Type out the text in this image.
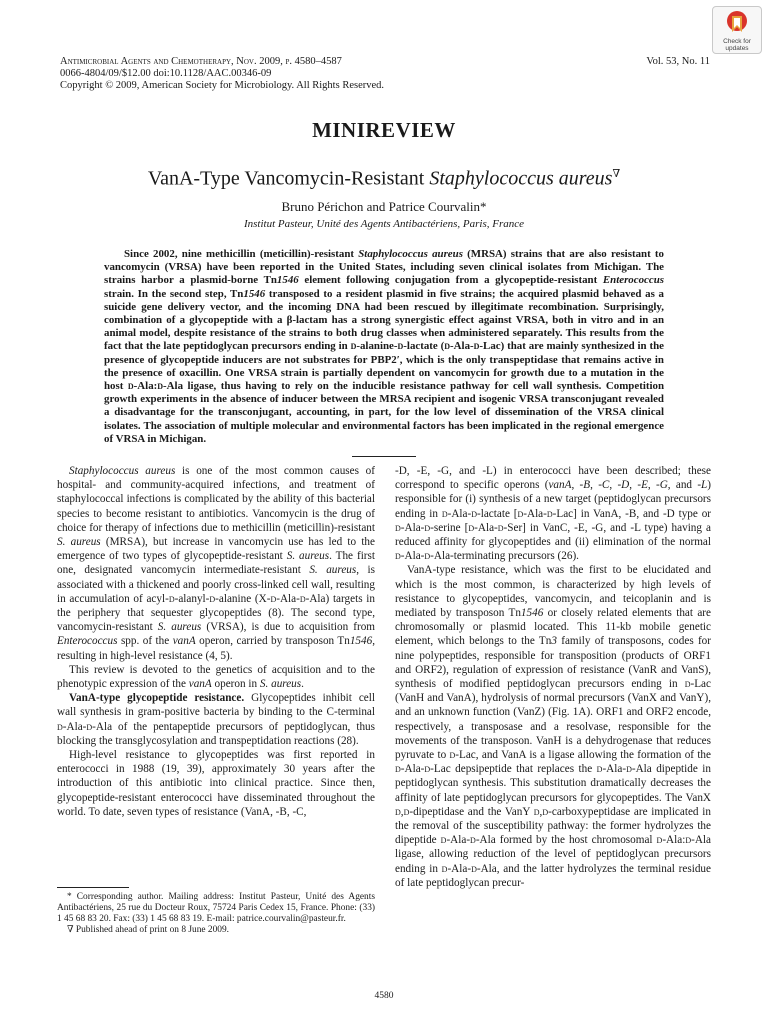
Antimicrobial Agents and Chemotherapy, Nov. 2009, p. 4580–4587
0066-4804/09/$12.00 doi:10.1128/AAC.00346-09
Copyright © 2009, American Society for Microbiology. All Rights Reserved.
Vol. 53, No. 11
Check for
updates
MINIREVIEW
VanA-Type Vancomycin-Resistant Staphylococcus aureus∇
Bruno Périchon and Patrice Courvalin*
Institut Pasteur, Unité des Agents Antibactériens, Paris, France
Since 2002, nine methicillin (meticillin)-resistant Staphylococcus aureus (MRSA) strains that are also resistant to vancomycin (VRSA) have been reported in the United States, including seven clinical isolates from Michigan. The strains harbor a plasmid-borne Tn1546 element following conjugation from a glycopeptide-resistant Enterococcus strain. In the second step, Tn1546 transposed to a resident plasmid in five strains; the acquired plasmid behaved as a suicide gene delivery vector, and the incoming DNA had been rescued by illegitimate recombination. Surprisingly, combination of a glycopeptide with a β-lactam has a strong synergistic effect against VRSA, both in vitro and in an animal model, despite resistance of the strains to both drug classes when administered separately. This results from the fact that the late peptidoglycan precursors ending in d-alanine-d-lactate (d-Ala-d-Lac) that are mainly synthesized in the presence of glycopeptide inducers are not substrates for PBP2′, which is the only transpeptidase that remains active in the presence of oxacillin. One VRSA strain is partially dependent on vancomycin for growth due to a mutation in the host d-Ala:d-Ala ligase, thus having to rely on the inducible resistance pathway for cell wall synthesis. Competition growth experiments in the absence of inducer between the MRSA recipient and isogenic VRSA transconjugant revealed a disadvantage for the transconjugant, accounting, in part, for the low level of dissemination of the VRSA clinical isolates. The association of multiple molecular and environmental factors has been implicated in the regional emergence of VRSA in Michigan.

Staphylococcus aureus is one of the most common causes of hospital- and community-acquired infections, and treatment of staphylococcal infections is complicated by the ability of this bacterial species to become resistant to antibiotics. Vancomycin is the drug of choice for therapy of infections due to methicillin (meticillin)-resistant S. aureus (MRSA), but increase in vancomycin use has led to the emergence of two types of glycopeptide-resistant S. aureus. The first one, designated vancomycin intermediate-resistant S. aureus, is associated with a thickened and poorly cross-linked cell wall, resulting in accumulation of acyl-d-alanyl-d-alanine (X-d-Ala-d-Ala) targets in the periphery that sequester glycopeptides (8). The second type, vancomycin-resistant S. aureus (VRSA), is due to acquisition from Enterococcus spp. of the vanA operon, carried by transposon Tn1546, resulting in high-level resistance (4, 5).

This review is devoted to the genetics of acquisition and to the phenotypic expression of the vanA operon in S. aureus.

VanA-type glycopeptide resistance. Glycopeptides inhibit cell wall synthesis in gram-positive bacteria by binding to the C-terminal d-Ala-d-Ala of the pentapeptide precursors of peptidoglycan, thus blocking the transglycosylation and transpeptidation reactions (28).

High-level resistance to glycopeptides was first reported in enterococci in 1988 (19, 39), approximately 30 years after the introduction of this antibiotic into clinical practice. Since then, glycopeptide-resistant enterococci have disseminated throughout the world. To date, seven types of resistance (VanA, -B, -C,

* Corresponding author. Mailing address: Institut Pasteur, Unité des Agents Antibactériens, 25 rue du Docteur Roux, 75724 Paris Cedex 15, France. Phone: (33) 1 45 68 83 20. Fax: (33) 1 45 68 83 19. E-mail: patrice.courvalin@pasteur.fr.

∇ Published ahead of print on 8 June 2009.

-D, -E, -G, and -L) in enterococci have been described; these correspond to specific operons (vanA, -B, -C, -D, -E, -G, and -L) responsible for (i) synthesis of a new target (peptidoglycan precursors ending in d-Ala-d-lactate [d-Ala-d-Lac] in VanA, -B, and -D type or d-Ala-d-serine [d-Ala-d-Ser] in VanC, -E, -G, and -L type) having a reduced affinity for glycopeptides and (ii) elimination of the normal d-Ala-d-Ala-terminating precursors (26).

VanA-type resistance, which was the first to be elucidated and which is the most common, is characterized by high levels of resistance to glycopeptides, vancomycin, and teicoplanin and is mediated by transposon Tn1546 or closely related elements that are chromosomally or plasmid located. This 11-kb mobile genetic element, which belongs to the Tn3 family of transposons, codes for nine polypeptides, responsible for transposition (products of ORF1 and ORF2), regulation of expression of resistance (VanR and VanS), synthesis of modified peptidoglycan precursors ending in d-Lac (VanH and VanA), hydrolysis of normal precursors (VanX and VanY), and an unknown function (VanZ) (Fig. 1A). ORF1 and ORF2 encode, respectively, a transposase and a resolvase, responsible for the movements of the transposon. VanH is a dehydrogenase that reduces pyruvate to d-Lac, and VanA is a ligase allowing the formation of the d-Ala-d-Lac depsipeptide that replaces the d-Ala-d-Ala dipeptide in peptidoglycan synthesis. This substitution dramatically decreases the affinity of late peptidoglycan precursors for glycopeptides. The VanX d,d-dipeptidase and the VanY d,d-carboxypeptidase are implicated in the removal of the susceptibility pathway: the former hydrolyzes the dipeptide d-Ala-d-Ala formed by the host chromosomal d-Ala:d-Ala ligase, allowing reduction of the level of peptidoglycan precursors ending in d-Ala-d-Ala, and the latter hydrolyzes the terminal residue of late peptidoglycan precur-

4580
